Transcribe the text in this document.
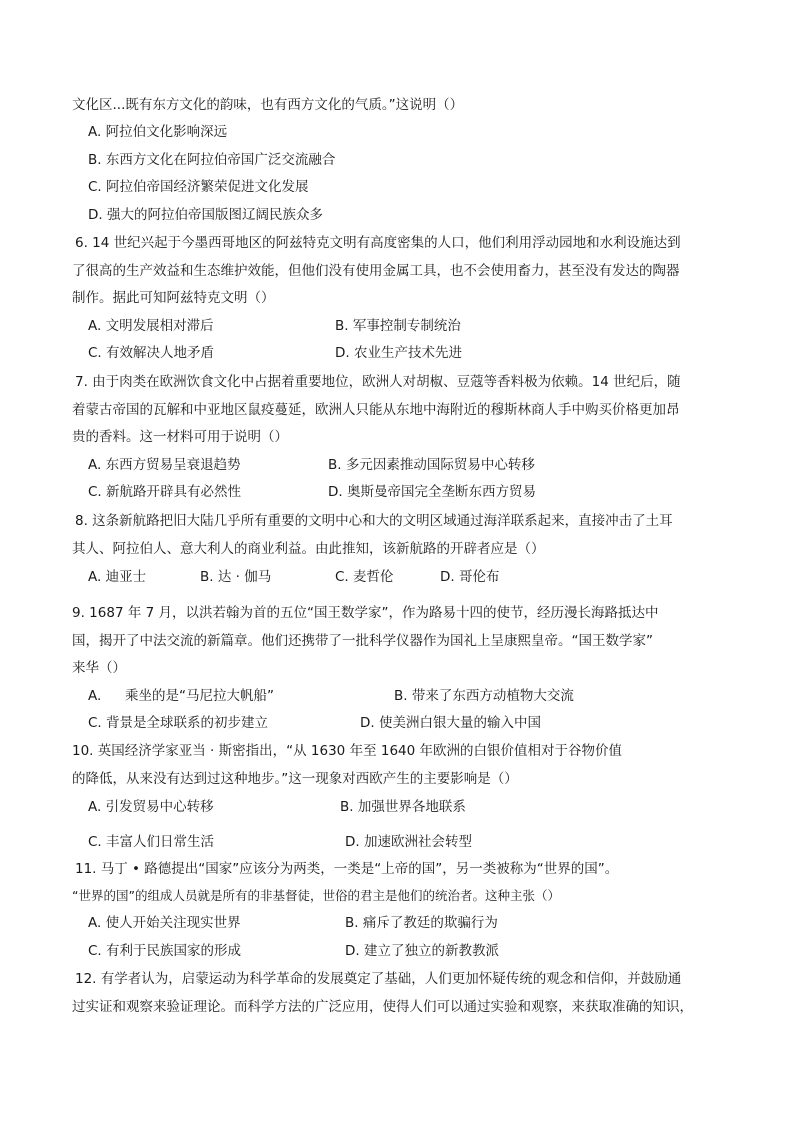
文化区...既有东方文化的韵味，也有西方文化的气质。”这说明（）
A. 阿拉伯文化影响深远
B. 东西方文化在阿拉伯帝国广泛交流融合
C. 阿拉伯帝国经济繁荣促进文化发展
D. 强大的阿拉伯帝国版图辽阔民族众多
6. 14 世纪兴起于今墨西哥地区的阿兹特克文明有高度密集的人口，他们利用浮动园地和水利设施达到
了很高的生产效益和生态维护效能，但他们没有使用金属工具，也不会使用畜力，甚至没有发达的陶器
制作。据此可知阿兹特克文明（）
A. 文明发展相对滞后	B. 军事控制专制统治
C. 有效解决人地矛盾	D. 农业生产技术先进
7. 由于肉类在欧洲饮食文化中占据着重要地位，欧洲人对胡椒、豆蔻等香料极为依赖。14 世纪后，随
着蒙古帝国的瓦解和中亚地区鼠疫蔓延，欧洲人只能从东地中海附近的穆斯林商人手中购买价格更加昂
贵的香料。这一材料可用于说明（）
A. 东西方贸易呈衰退趋势	B. 多元因素推动国际贸易中心转移
C. 新航路开辟具有必然性	D. 奥斯曼帝国完全垄断东西方贸易
8. 这条新航路把旧大陆几乎所有重要的文明中心和大的文明区域通过海洋联系起来，直接冲击了土耳
其人、阿拉伯人、意大利人的商业利益。由此推知，该新航路的开辟者应是（）
A. 迪亚士	B. 达 · 伽马	C. 麦哲伦	D. 哥伦布
9. 1687 年 7 月，以洪若翰为首的五位“国王数学家”，作为路易十四的使节，经历漫长海路抵达中
国，揭开了中法交流的新篇章。他们还携带了一批科学仪器作为国礼上呈康熙皇帝。“国王数学家”
来华（）
A. 乘坐的是“马尼拉大帆船”	B. 带来了东西方动植物大交流
C. 背景是全球联系的初步建立	D. 使美洲白银大量的输入中国
10. 英国经济学家亚当 · 斯密指出，“从 1630 年至 1640 年欧洲的白银价值相对于谷物价值
的降低，从来没有达到过这种地步。”这一现象对西欧产生的主要影响是（）
A. 引发贸易中心转移	B. 加强世界各地联系
C. 丰富人们日常生活	D. 加速欧洲社会转型
11. 马丁 • 路德提出“国家”应该分为两类，一类是“上帝的国”，另一类被称为“世界的国”。
“世界的国”的组成人员就是所有的非基督徒，世俗的君主是他们的统治者。这种主张（）
A. 使人开始关注现实世界	B. 痛斥了教廷的欺骗行为
C. 有利于民族国家的形成	D. 建立了独立的新教教派
12. 有学者认为，启蒙运动为科学革命的发展奠定了基础，人们更加怀疑传统的观念和信仰，并鼓励通
过实证和观察来验证理论。而科学方法的广泛应用，使得人们可以通过实验和观察，来获取准确的知识，
